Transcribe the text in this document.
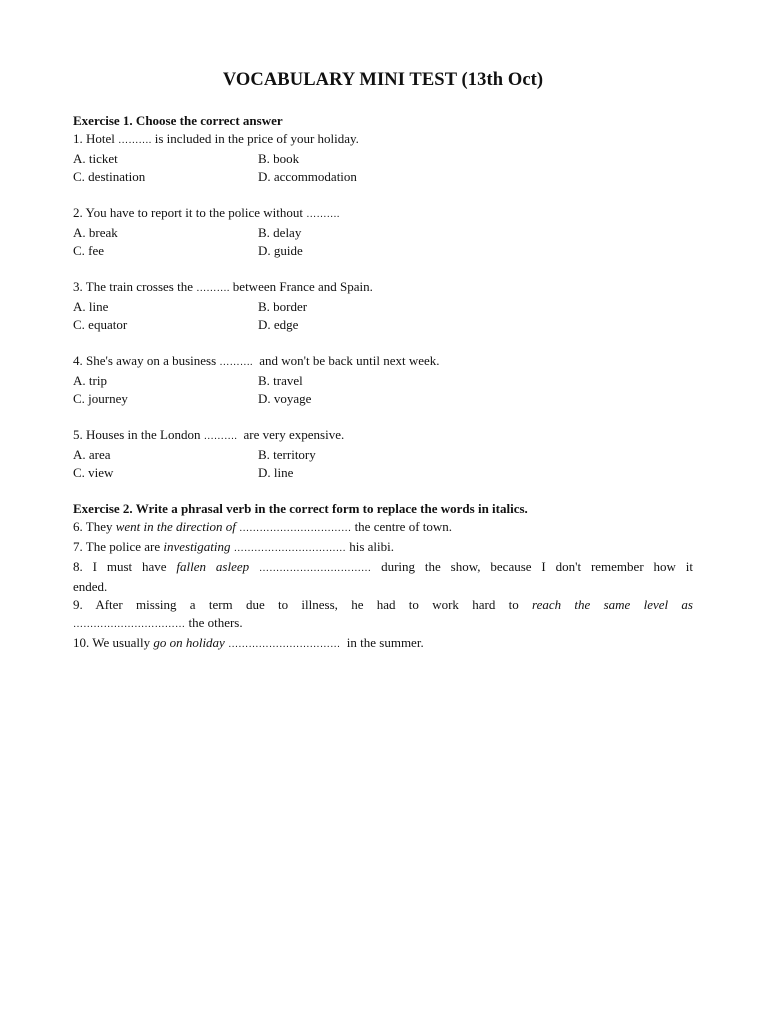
VOCABULARY MINI TEST (13th Oct)
Exercise 1. Choose the correct answer
1. Hotel ………. is included in the price of your holiday.
A. ticket	B. book
C. destination	D. accommodation
2. You have to report it to the police without ……….
A. break	B. delay
C. fee	D. guide
3. The train crosses the ………. between France and Spain.
A. line	B. border
C. equator	D. edge
4. She's away on a business ……….  and won't be back until next week.
A. trip	B. travel
C. journey	D. voyage
5. Houses in the London ……….  are very expensive.
A. area	B. territory
C. view	D. line
Exercise 2. Write a phrasal verb in the correct form to replace the words in italics.
6. They went in the direction of …………………………… the centre of town.
7. The police are investigating …………………………… his alibi.
8. I must have fallen asleep …………………………… during the show, because I don't remember how it
ended.
9. After missing a term due to illness, he had to work hard to reach the same level as
…………………………… the others.
10. We usually go on holiday ……………………………  in the summer.
